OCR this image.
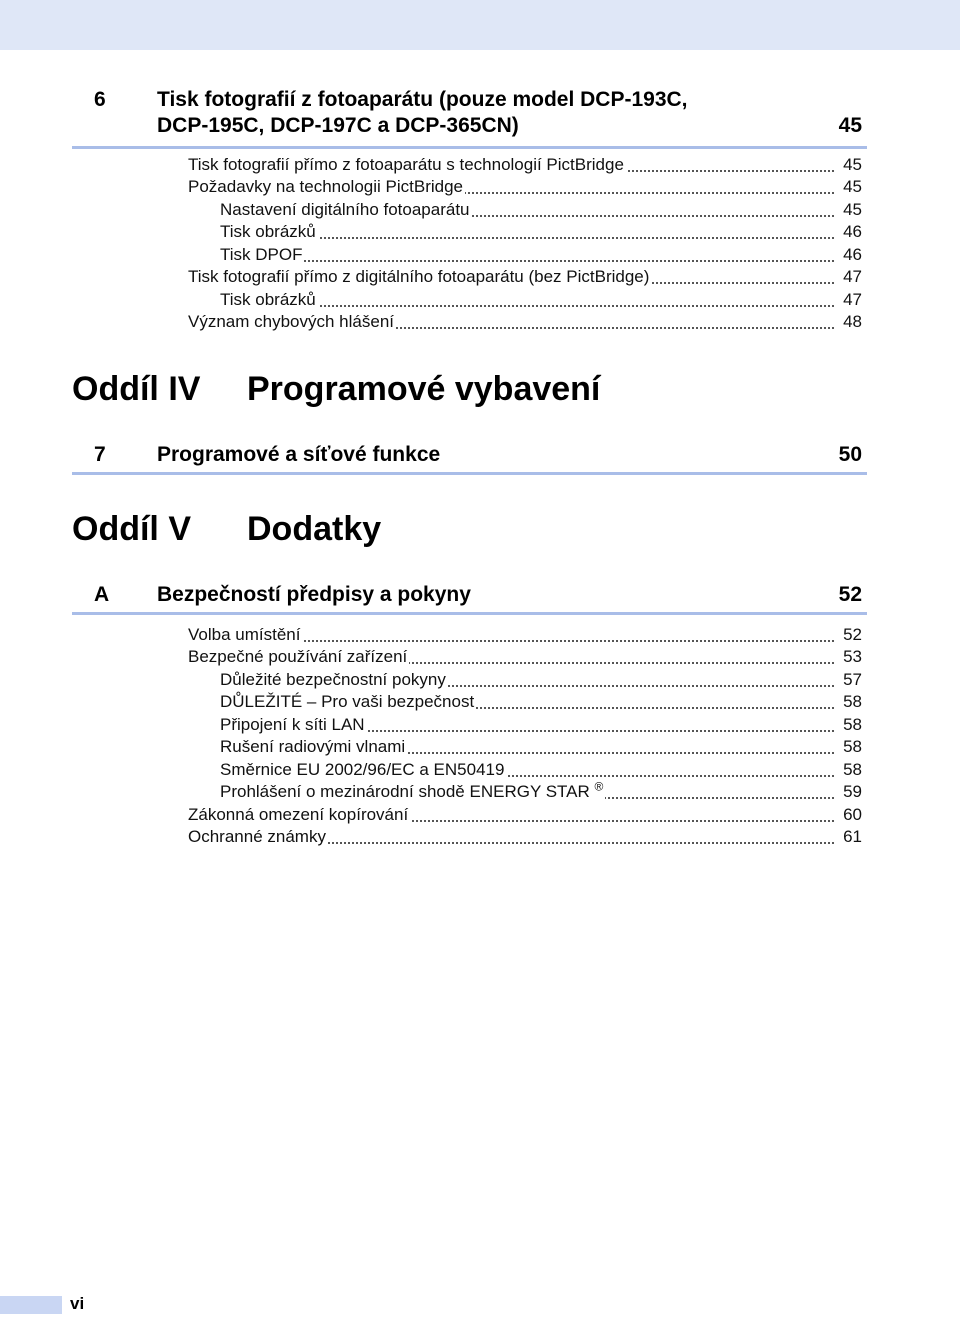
6 Tisk fotografií z fotoaparátu (pouze model DCP-193C,
DCP-195C, DCP-197C a DCP-365CN)	45
Tisk fotografií přímo z fotoaparátu s technologií PictBridge	45
Požadavky na technologii PictBridge	45
Nastavení digitálního fotoaparátu	45
Tisk obrázků	46
Tisk DPOF	46
Tisk fotografií přímo z digitálního fotoaparátu (bez PictBridge)	47
Tisk obrázků	47
Význam chybových hlášení	48
Oddíl IV Programové vybavení
7 Programové a síťové funkce	50
Oddíl V Dodatky
A Bezpečností předpisy a pokyny	52
Volba umístění	52
Bezpečné používání zařízení	53
Důležité bezpečnostní pokyny	57
DŮLEŽITÉ – Pro vaši bezpečnost	58
Připojení k síti LAN	58
Rušení radiovými vlnami	58
Směrnice EU 2002/96/EC a EN50419	58
Prohlášení o mezinárodní shodě ENERGY STAR ®	59
Zákonná omezení kopírování	60
Ochranné známky	61
vi
